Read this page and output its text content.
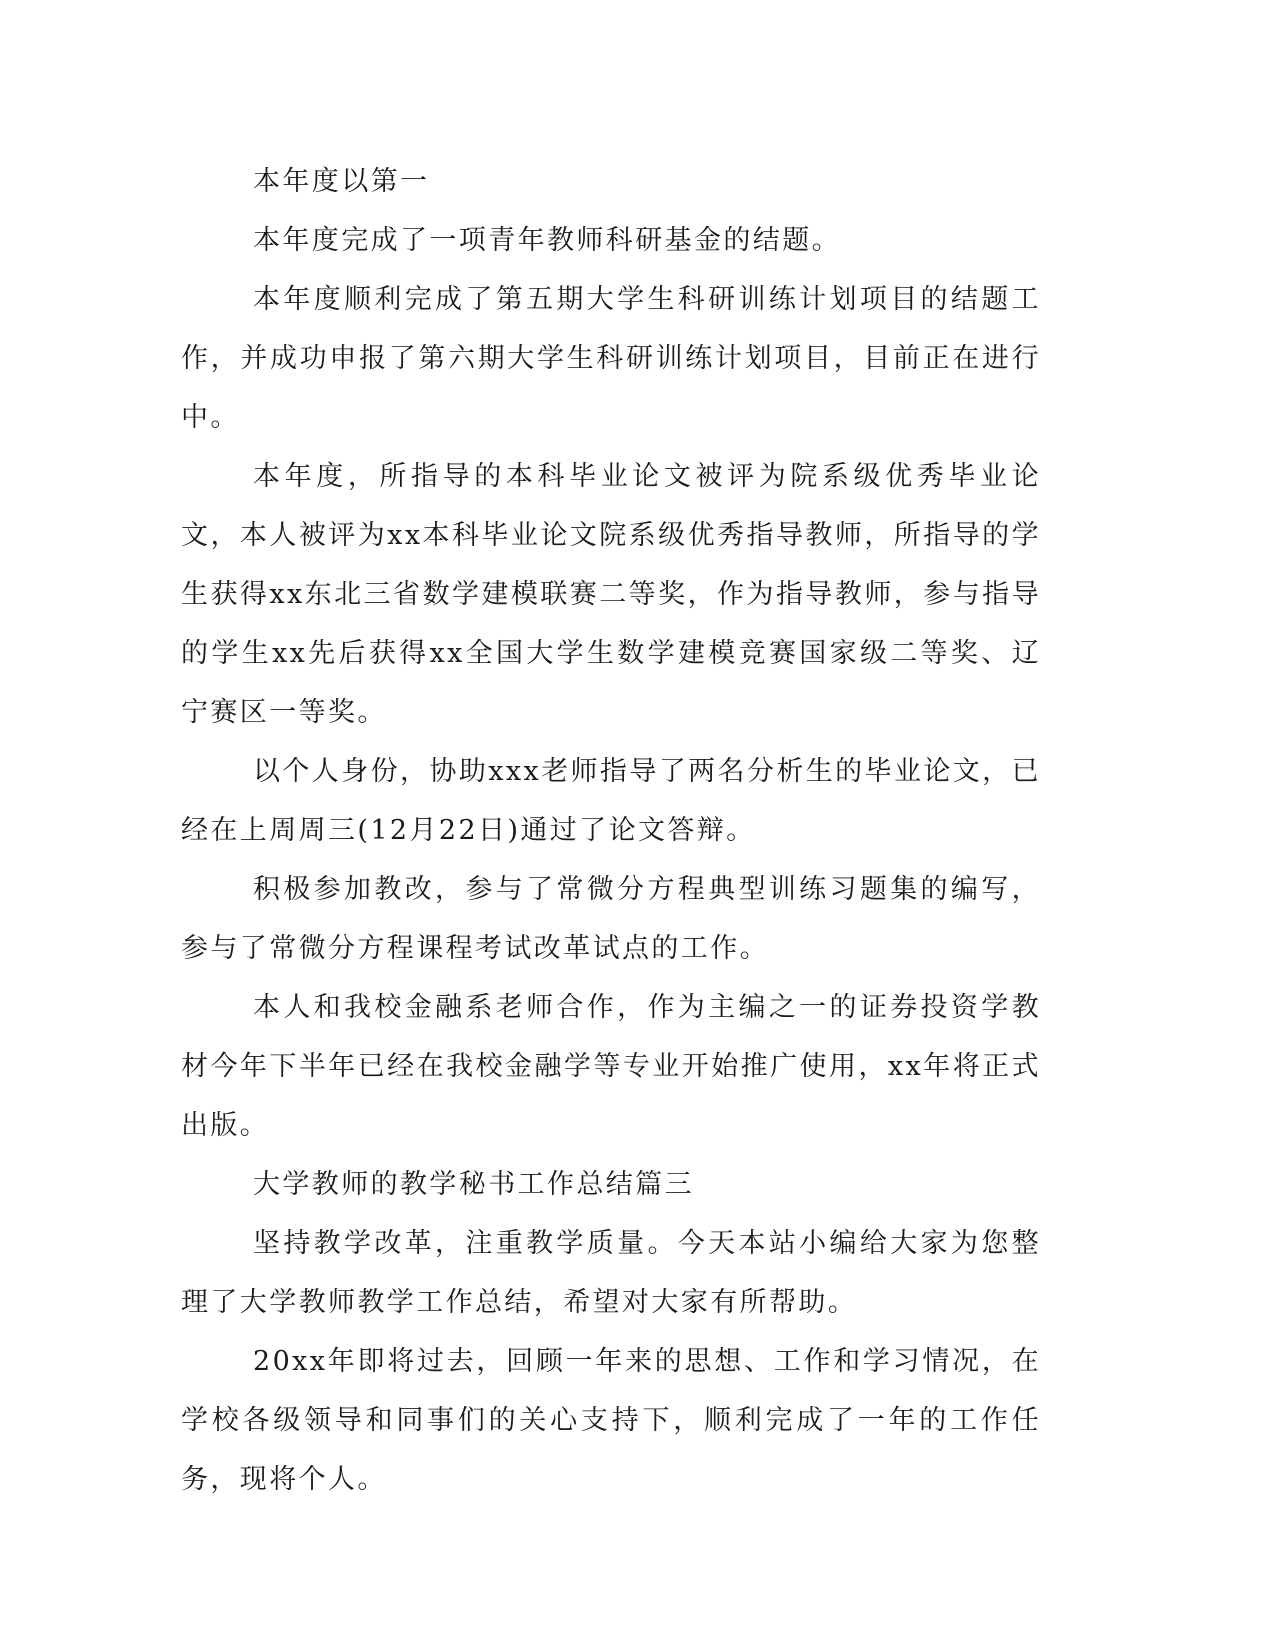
本年度以第一

本年度完成了一项青年教师科研基金的结题。

本年度顺利完成了第五期大学生科研训练计划项目的结题工作，并成功申报了第六期大学生科研训练计划项目，目前正在进行中。

本年度，所指导的本科毕业论文被评为院系级优秀毕业论文，本人被评为xx本科毕业论文院系级优秀指导教师，所指导的学生获得xx东北三省数学建模联赛二等奖，作为指导教师，参与指导的学生xx先后获得xx全国大学生数学建模竞赛国家级二等奖、辽宁赛区一等奖。

以个人身份，协助xxx老师指导了两名分析生的毕业论文，已经在上周周三(12月22日)通过了论文答辩。

积极参加教改，参与了常微分方程典型训练习题集的编写，参与了常微分方程课程考试改革试点的工作。

本人和我校金融系老师合作，作为主编之一的证券投资学教材今年下半年已经在我校金融学等专业开始推广使用，xx年将正式出版。

大学教师的教学秘书工作总结篇三

坚持教学改革，注重教学质量。今天本站小编给大家为您整理了大学教师教学工作总结，希望对大家有所帮助。

20xx年即将过去，回顾一年来的思想、工作和学习情况，在学校各级领导和同事们的关心支持下，顺利完成了一年的工作任务，现将个人。
